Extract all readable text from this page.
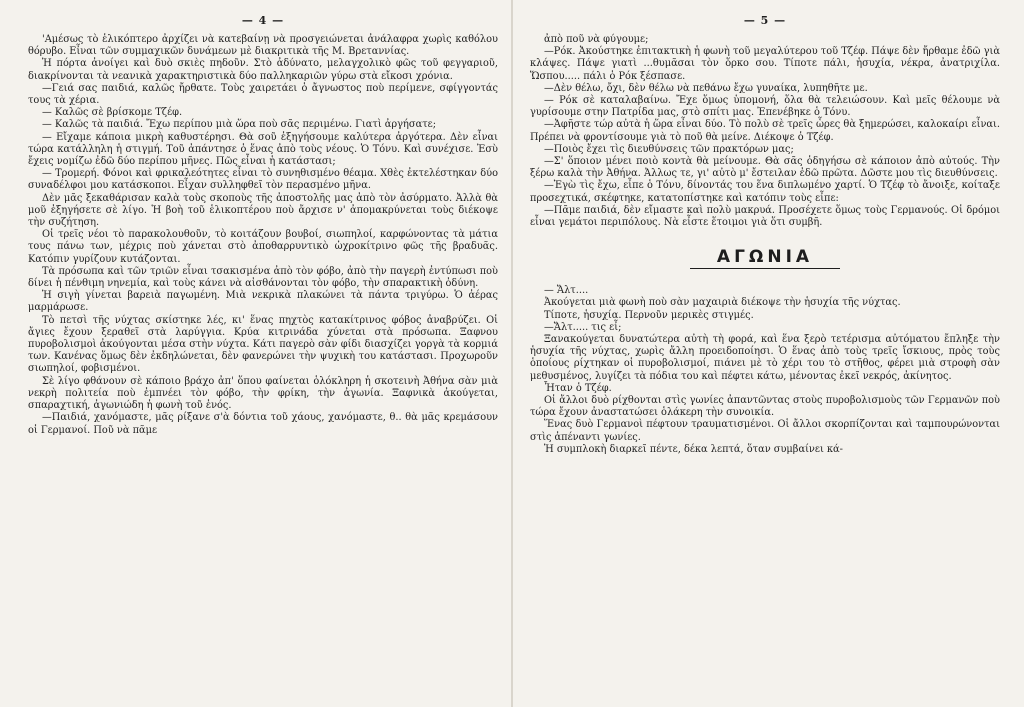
— 4 —

'Αμέσως τὸ ἑλικόπτερο ἀρχίζει νὰ κατεβαίνῃ νὰ προσγειώνεται ἀνάλαφρα χωρὶς καθόλου θόρυβο. Εἶναι τῶν συμμαχικῶν δυνάμεων μὲ διακριτικὰ τῆς Μ. Βρεταννίας.

Ἡ πόρτα ἀνοίγει καὶ δυὸ σκιὲς πηδοῦν. Στὸ ἀδύνατο, μελαγχολικὸ φῶς τοῦ φεγγαριοῦ, διακρίνονται τὰ νεανικὰ χαρακτηριστικὰ δύο παλληκαριῶν γύρω στὰ εἴκοσι χρόνια.

—Γειά σας παιδιά, καλῶς ἤρθατε. Τοὺς χαιρετάει ὁ ἄγνωστος ποὺ περίμενε, σφίγγοντάς τους τὰ χέρια.

— Καλῶς σὲ βρίσκομε Τζέφ.

— Καλῶς τὰ παιδιά. Ἔχω περίπου μιὰ ὥρα ποὺ σᾶς περιμένω. Γιατὶ ἀργήσατε;

— Εἴχαμε κάποια μικρὴ καθυστέρησι. Θὰ σοῦ ἐξηγήσουμε καλύτερα ἀργότερα. Δὲν εἶναι τώρα κατάλληλη ἡ στιγμή. Τοῦ ἀπάντησε ὁ ἕνας ἀπὸ τοὺς νέους. Ὁ Τόνυ. Καὶ συνέχισε. Ἐσὺ ἔχεις νομίζω ἐδῶ δύο περίπου μῆνες. Πῶς εἶναι ἡ κατάστασι;

— Τρομερή. Φόνοι καὶ φρικαλεότητες εἶναι τὸ συνηθισμένο θέαμα. Χθὲς ἐκτελέστηκαν δύο συναδέλφοι μου κατάσκοποι. Εἶχαν συλληφθεῖ τὸν περασμένο μῆνα.

Δὲν μᾶς ξεκαθάρισαν καλὰ τοὺς σκοποὺς τῆς ἀποστολῆς μας ἀπὸ τὸν ἀσύρματο. Ἀλλὰ θὰ μοῦ ἐξηγήσετε σὲ λίγο. Ἡ βοὴ τοῦ ἑλικοπτέρου ποὺ ἄρχισε ν' ἀπομακρύνεται τοὺς διέκοψε τὴν συζήτηση.

Οἱ τρεῖς νέοι τὸ παρακολουθοῦν, τὸ κοιτάζουν βουβοί, σιωπηλοί, καρφώνοντας τὰ μάτια τους πάνω των, μέχρις ποὺ χάνεται στὸ ἀποθαρρυντικὸ ὠχροκίτρινο φῶς τῆς βραδυᾶς. Κατόπιν γυρίζουν κυτάζονται.

Τὰ πρόσωπα καὶ τῶν τριῶν εἶναι τσακισμένα ἀπὸ τὸν φόβο, ἀπὸ τὴν παγερὴ ἐντύπωσι ποὺ δίνει ἡ πένθιμη νηνεμία, καὶ τοὺς κάνει νὰ αἰσθάνονται τὸν φόβο, τὴν σπαρακτικὴ ὀδύνη.

Ἡ σιγὴ γίνεται βαρειὰ παγωμένη. Μιὰ νεκρικὰ πλακώνει τὰ πάντα τριγύρω. Ὁ ἀέρας μαρμάρωσε.

Τὸ πετσὶ τῆς νύχτας σκίστηκε λές, κι' ἕνας πηχτὸς κατακίτρινος φόβος ἀναβρύζει. Οἱ ἄγιες ἔχουν ξεραθεῖ στὰ λαρύγγια. Κρύα κιτρινάδα χύνεται στὰ πρόσωπα. Ξαφνου πυροβολισμοὶ ἀκούγονται μέσα στὴν νύχτα. Κάτι παγερὸ σὰν φίδι διασχίζει γοργὰ τὰ κορμιά των. Κανένας ὅμως δὲν ἐκδηλώνεται, δὲν φανερώνει τὴν ψυχικὴ του κατάστασι. Προχωροῦν σιωπηλοί, φοβισμένοι.

Σὲ λίγο φθάνουν σὲ κάποιο βράχο ἀπ' ὅπου φαίνεται ὁλόκληρη ἡ σκοτεινὴ Ἀθήνα σὰν μιὰ νεκρὴ πολιτεία ποὺ ἐμπνέει τὸν φόβο, τὴν φρίκη, τὴν ἀγωνία. Ξαφνικὰ ἀκούγεται, σπαραχτική, ἀγωνιώδη ἡ φωνὴ τοῦ ἑνός.

—Παιδιά, χανόμαστε, μᾶς ρίξανε σ'ὰ δόντια τοῦ χάους, χανόμαστε, θ.. θὰ μᾶς κρεμάσουν οἱ Γερμανοί. Ποῦ νὰ πᾶμε

— 5 —

ἀπὸ ποῦ νὰ φύγουμε;

—Ρόκ. Ἀκούστηκε ἐπιτακτικὴ ἡ φωνὴ τοῦ μεγαλύτερου τοῦ Τζέφ. Πάψε δὲν ἤρθαμε ἐδῶ γιὰ κλάψες. Πάψε γιατὶ ...θυμᾶσαι τὸν ὅρκο σου. Τίποτε πάλι, ἡσυχία, νέκρα, ἀνατριχίλα. Ὥσπου..... πάλι ὁ Ρόκ ξέσπασε.

—Δὲν θέλω, ὄχι, δὲν θέλω νὰ πεθάνω ἔχω γυναίκα, λυπηθῆτε με.

— Ρόκ σὲ καταλαβαίνω. Ἔχε ὅμως ὑπομονή, ὅλα θὰ τελειώσουν. Καὶ μεῖς θέλουμε νὰ γυρίσουμε στην Πατρίδα μας, στὸ σπίτι μας. Ἐπενέβηκε ὁ Τόνυ.

—Ἀφῆστε τώρ αὐτὰ ἡ ὥρα εἶναι δύο. Τὸ πολὺ σὲ τρεῖς ὧρες θὰ ξημερώσει, καλοκαίρι εἶναι. Πρέπει νὰ φροντίσουμε γιὰ τὸ ποῦ θὰ μείνε. Διέκοψε ὁ Τζέφ.

—Ποιὸς ἔχει τὶς διευθύνσεις τῶν πρακτόρων μας;

—Σ' ὅποιον μένει ποιὸ κοντὰ θὰ μείνουμε. Θὰ σᾶς ὁδηγήσω σὲ κάποιον ἀπὸ αὐτούς. Τὴν ξέρω καλὰ τὴν Ἀθήνα. Ἀλλως τε, γι' αὐτὸ μ' ἔστειλαν ἐδῶ πρῶτα. Δῶστε μου τὶς διευθύνσεις.

—Ἐγὼ τὶς ἔχω, εἶπε ὁ Τόνυ, δίνοντάς του ἕνα διπλωμένο χαρτί. Ὁ Τζέφ τὸ ἄνοιξε, κοίταξε προσεχτικά, σκέφτηκε, κατατοπίστηκε καὶ κατόπιν τοὺς εἶπε:

—Πᾶμε παιδιά, δὲν εἴμαστε καὶ πολὺ μακρυά. Προσέχετε ὅμως τοὺς Γερμανούς. Οἱ δρόμοι εἶναι γεμάτοι περιπόλους. Νὰ εἶστε ἕτοιμοι γιὰ ὅτι συμβῆ.

ΑΓΩΝΙΑ

— Ἄλτ....

Ἀκούγεται μιὰ φωνὴ ποὺ σὰν μαχαιριὰ διέκοψε τὴν ἡσυχία τῆς νύχτας.

Τίποτε, ἡσυχία. Περνοῦν μερικὲς στιγμές.

—Ἄλτ..... τις εἶ;

Ξανακούγεται δυνατώτερα αὐτὴ τὴ φορά, καὶ ἕνα ξερὸ τετέρισμα αὐτόματου ἔπληξε τὴν ἡσυχία τῆς νύχτας, χωρὶς ἄλλη προειδοποίησι. Ὁ ἕνας ἀπὸ τοὺς τρεῖς ἴσκιους, πρὸς τοὺς ὁποίους ρίχτηκαν οἱ πυροβολισμοί, πιάνει μὲ τὸ χέρι του τὸ στῆθος, φέρει μιὰ στροφὴ σὰν μεθυσμένος, λυγίζει τὰ πόδια του καὶ πέφτει κάτω, μένοντας ἐκεῖ νεκρός, ἀκίνητος.

Ἦταν ὁ Τζέφ.

Οἱ ἄλλοι δυὸ ρίχθονται στὶς γωνίες ἀπαντῶντας στοὺς πυροβολισμοὺς τῶν Γερμανῶν ποὺ τώρα ἔχουν ἀναστατώσει ὁλάκερη τὴν συνοικία.

Ἕνας δυὸ Γερμανοὶ πέφτουν τραυματισμένοι. Οἱ ἄλλοι σκορπίζονται καὶ ταμπουρώνονται στὶς ἀπέναντι γωνίες.

Ἡ συμπλοκὴ διαρκεῖ πέντε, δέκα λεπτά, ὅταν συμβαίνει κά-
